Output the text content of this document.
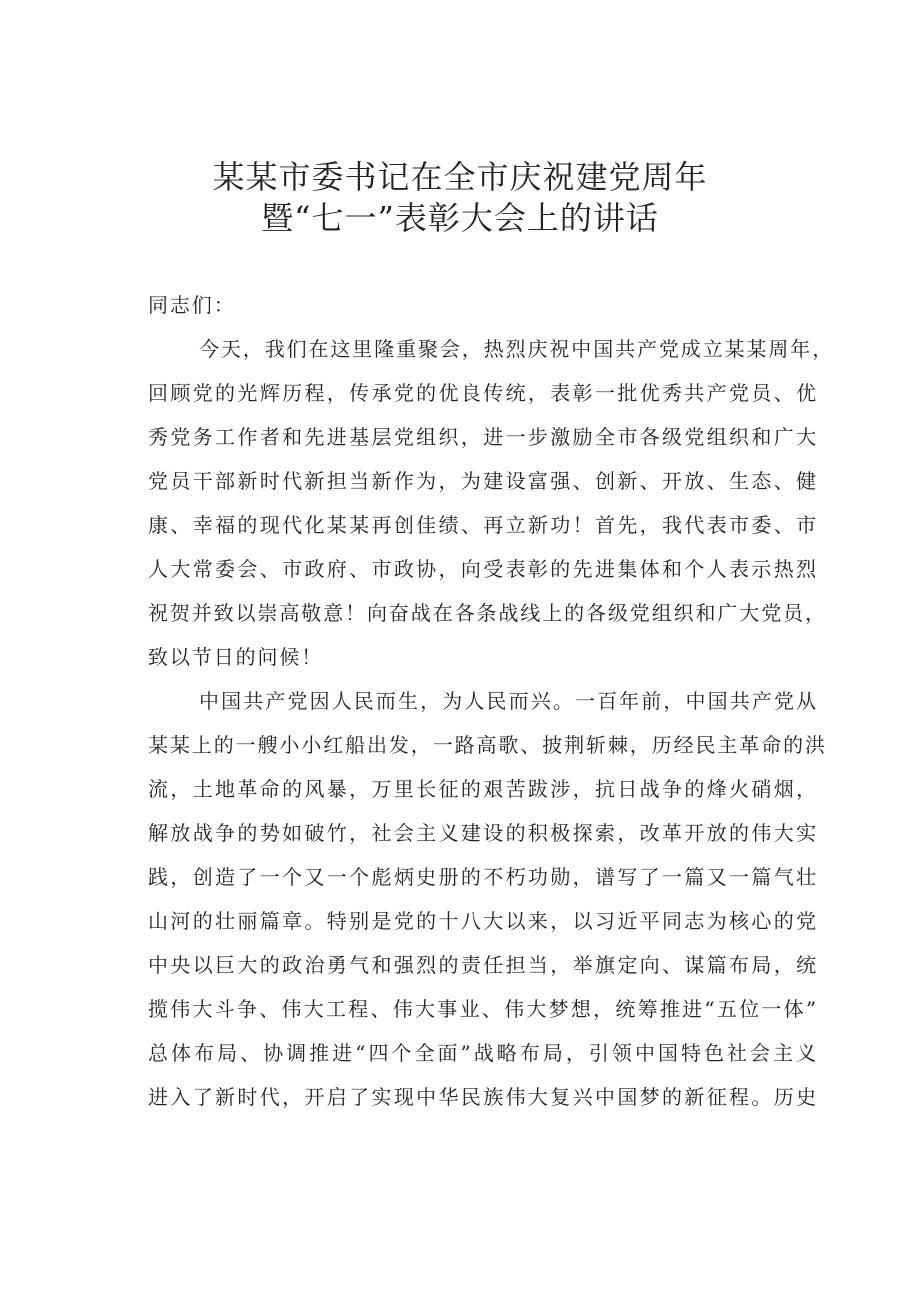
某某市委书记在全市庆祝建党周年
暨“七一”表彰大会上的讲话
同志们：
今天，我们在这里隆重聚会，热烈庆祝中国共产党成立某某周年，
回顾党的光辉历程，传承党的优良传统，表彰一批优秀共产党员、优
秀党务工作者和先进基层党组织，进一步激励全市各级党组织和广大
党员干部新时代新担当新作为，为建设富强、创新、开放、生态、健
康、幸福的现代化某某再创佳绩、再立新功！首先，我代表市委、市
人大常委会、市政府、市政协，向受表彰的先进集体和个人表示热烈
祝贺并致以崇高敬意！向奋战在各条战线上的各级党组织和广大党员，
致以节日的问候！
中国共产党因人民而生，为人民而兴。一百年前，中国共产党从
某某上的一艘小小红船出发，一路高歌、披荆斩棘，历经民主革命的洪
流，土地革命的风暴，万里长征的艰苦跋涉，抗日战争的烽火硝烟，
解放战争的势如破竹，社会主义建设的积极探索，改革开放的伟大实
践，创造了一个又一个彪炳史册的不朽功勋，谱写了一篇又一篇气壮
山河的壮丽篇章。特别是党的十八大以来，以习近平同志为核心的党
中央以巨大的政治勇气和强烈的责任担当，举旗定向、谋篇布局，统
揽伟大斗争、伟大工程、伟大事业、伟大梦想，统筹推进“五位一体”
总体布局、协调推进“四个全面”战略布局，引领中国特色社会主义
进入了新时代，开启了实现中华民族伟大复兴中国梦的新征程。历史
